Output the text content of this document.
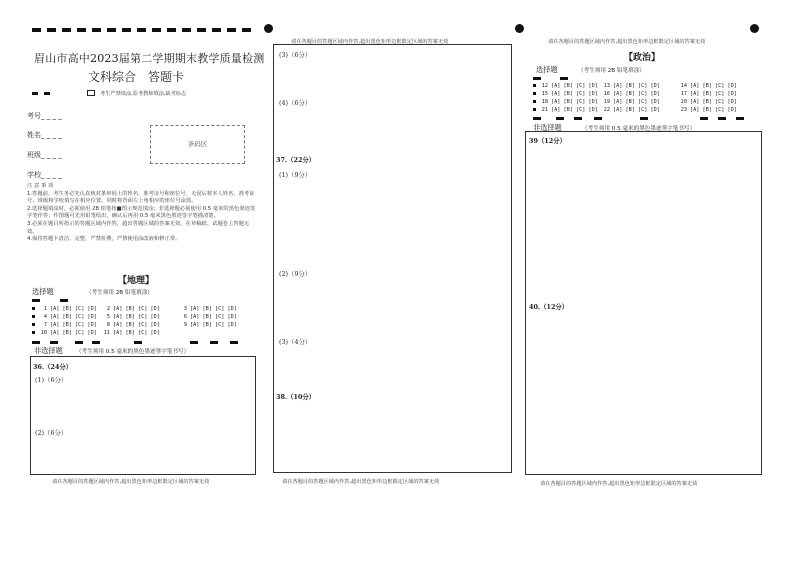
请在各题目的答题区域内作答,超出黑色矩形边框限定区域的答案无效	请在各题目的答题区域内作答,超出黑色矩形边框限定区域的答案无效
眉山市高中2023届第二学期期末教学质量检测
文科综合　答题卡
考生严禁填涂,监考教师填涂,缺考标志
考号_ _ _ _
姓名_ _ _ _
班级_ _ _ _
学校_ _ _ _
条码区
注 意 事 项
1.答题前，考生务必先认真核对条形码上的姓名、准考证号和座位号，无误后将本人姓名、准考证号、班级和学校填写在相应位置，同时将背面左上角相应的座位号涂黑。
2.选择题填涂时，必须使用 2B 铅笔按■图示规范填涂；非选择题必须使用 0.5 毫米的黑色墨迹签字笔作答；作图题可先用铅笔绘出，确认后再用 0.5 毫米黑色墨迹签字笔描清楚。
3.必须在题目所指示的答题区域内作答，超出答题区域的答案无效，在草稿纸、试题卷上答题无效。
4.保持答题卡清洁、完整，严禁折叠，严禁使用涂改液和修正带。
【地理】
选择题	（考生须用 2B 铅笔填涂）
1 [A] [B] [C] [D]	2 [A] [B] [C] [D]	3 [A] [B] [C] [D]
4 [A] [B] [C] [D]	5 [A] [B] [C] [D]	6 [A] [B] [C] [D]
7 [A] [B] [C] [D]	8 [A] [B] [C] [D]	9 [A] [B] [C] [D]
10 [A] [B] [C] [D]	11 [A] [B] [C] [D]
非选择题 （考生须用 0.5 毫米的黑色墨迹签字笔书写）
36.（24分）
(1)（6分）
(2)（6分）
请在各题目的答题区域内作答,超出黑色矩形边框限定区域的答案无效
(3)（6分）
(4)（6分）
37.（22分）
(1)（9分）
(2)（9分）
(3)（4分）
38.（10分）
请在各题目的答题区域内作答,超出黑色矩形边框限定区域的答案无效
【政治】
选择题	（考生须用 2B 铅笔填涂）
12 [A] [B] [C] [D]	13 [A] [B] [C] [D]	14 [A] [B] [C] [D]
15 [A] [B] [C] [D]	16 [A] [B] [C] [D]	17 [A] [B] [C] [D]
18 [A] [B] [C] [D]	19 [A] [B] [C] [D]	20 [A] [B] [C] [D]
21 [A] [B] [C] [D]	22 [A] [B] [C] [D]	23 [A] [B] [C] [D]
非选择题	（考生须用 0.5 毫米的黑色墨迹签字笔书写）
39（12分）
40.（12分）
请在各题目的答题区域内作答,超出黑色矩形边框限定区域的答案无效
